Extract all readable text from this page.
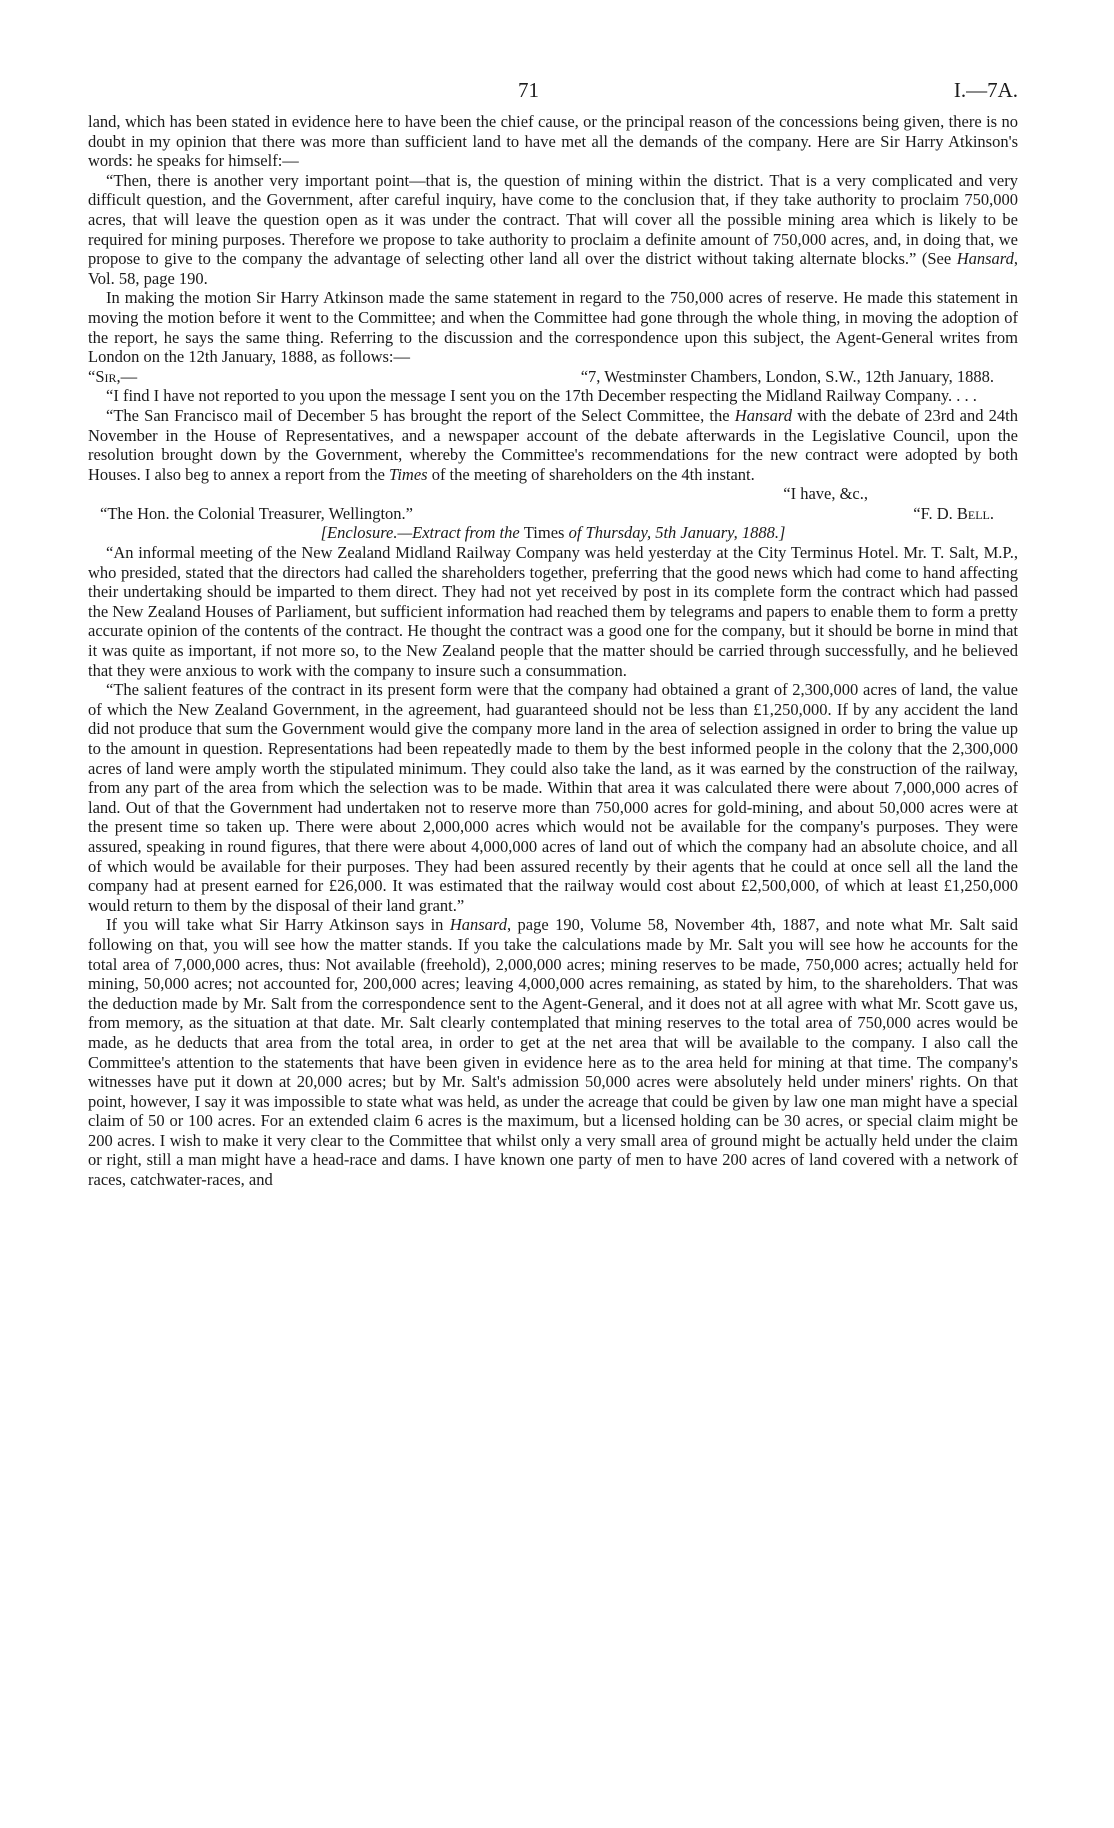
71	I.—7A.

land, which has been stated in evidence here to have been the chief cause, or the principal reason of the concessions being given, there is no doubt in my opinion that there was more than sufficient land to have met all the demands of the company. Here are Sir Harry Atkinson's words: he speaks for himself:—

“Then, there is another very important point—that is, the question of mining within the district. That is a very complicated and very difficult question, and the Government, after careful inquiry, have come to the conclusion that, if they take authority to proclaim 750,000 acres, that will leave the question open as it was under the contract. That will cover all the possible mining area which is likely to be required for mining purposes. Therefore we propose to take authority to proclaim a definite amount of 750,000 acres, and, in doing that, we propose to give to the company the advantage of selecting other land all over the district without taking alternate blocks.” (See Hansard, Vol. 58, page 190.

In making the motion Sir Harry Atkinson made the same statement in regard to the 750,000 acres of reserve. He made this statement in moving the motion before it went to the Committee; and when the Committee had gone through the whole thing, in moving the adoption of the report, he says the same thing. Referring to the discussion and the correspondence upon this subject, the Agent-General writes from London on the 12th January, 1888, as follows:—

“Sir,—	“7, Westminster Chambers, London, S.W., 12th January, 1888.

“I find I have not reported to you upon the message I sent you on the 17th December respecting the Midland Railway Company. . . .

“The San Francisco mail of December 5 has brought the report of the Select Committee, the Hansard with the debate of 23rd and 24th November in the House of Representatives, and a newspaper account of the debate afterwards in the Legislative Council, upon the resolution brought down by the Government, whereby the Committee's recommendations for the new contract were adopted by both Houses. I also beg to annex a report from the Times of the meeting of shareholders on the 4th instant.

“I have, &c.,
“The Hon. the Colonial Treasurer, Wellington.”	“F. D. Bell.

[Enclosure.—Extract from the Times of Thursday, 5th January, 1888.]

“An informal meeting of the New Zealand Midland Railway Company was held yesterday at the City Terminus Hotel. Mr. T. Salt, M.P., who presided, stated that the directors had called the shareholders together, preferring that the good news which had come to hand affecting their undertaking should be imparted to them direct. They had not yet received by post in its complete form the contract which had passed the New Zealand Houses of Parliament, but sufficient information had reached them by telegrams and papers to enable them to form a pretty accurate opinion of the contents of the contract. He thought the contract was a good one for the company, but it should be borne in mind that it was quite as important, if not more so, to the New Zealand people that the matter should be carried through successfully, and he believed that they were anxious to work with the company to insure such a consummation.

“The salient features of the contract in its present form were that the company had obtained a grant of 2,300,000 acres of land, the value of which the New Zealand Government, in the agreement, had guaranteed should not be less than £1,250,000. If by any accident the land did not produce that sum the Government would give the company more land in the area of selection assigned in order to bring the value up to the amount in question. Representations had been repeatedly made to them by the best informed people in the colony that the 2,300,000 acres of land were amply worth the stipulated minimum. They could also take the land, as it was earned by the construction of the railway, from any part of the area from which the selection was to be made. Within that area it was calculated there were about 7,000,000 acres of land. Out of that the Government had undertaken not to reserve more than 750,000 acres for gold-mining, and about 50,000 acres were at the present time so taken up. There were about 2,000,000 acres which would not be available for the company's purposes. They were assured, speaking in round figures, that there were about 4,000,000 acres of land out of which the company had an absolute choice, and all of which would be available for their purposes. They had been assured recently by their agents that he could at once sell all the land the company had at present earned for £26,000. It was estimated that the railway would cost about £2,500,000, of which at least £1,250,000 would return to them by the disposal of their land grant.”

If you will take what Sir Harry Atkinson says in Hansard, page 190, Volume 58, November 4th, 1887, and note what Mr. Salt said following on that, you will see how the matter stands. If you take the calculations made by Mr. Salt you will see how he accounts for the total area of 7,000,000 acres, thus: Not available (freehold), 2,000,000 acres; mining reserves to be made, 750,000 acres; actually held for mining, 50,000 acres; not accounted for, 200,000 acres; leaving 4,000,000 acres remaining, as stated by him, to the shareholders. That was the deduction made by Mr. Salt from the correspondence sent to the Agent-General, and it does not at all agree with what Mr. Scott gave us, from memory, as the situation at that date. Mr. Salt clearly contemplated that mining reserves to the total area of 750,000 acres would be made, as he deducts that area from the total area, in order to get at the net area that will be available to the company. I also call the Committee's attention to the statements that have been given in evidence here as to the area held for mining at that time. The company's witnesses have put it down at 20,000 acres; but by Mr. Salt's admission 50,000 acres were absolutely held under miners' rights. On that point, however, I say it was impossible to state what was held, as under the acreage that could be given by law one man might have a special claim of 50 or 100 acres. For an extended claim 6 acres is the maximum, but a licensed holding can be 30 acres, or special claim might be 200 acres. I wish to make it very clear to the Committee that whilst only a very small area of ground might be actually held under the claim or right, still a man might have a head-race and dams. I have known one party of men to have 200 acres of land covered with a network of races, catchwater-races, and
